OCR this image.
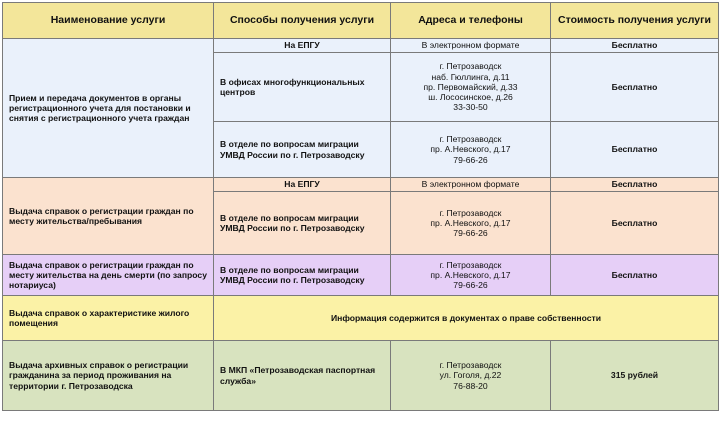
Наименование услуги	Способы получения услуги	Адреса и телефоны	Стоимость получения услуги
Прием и передача документов в органы регистрационного учета для постановки и снятия с регистрационного учета граждан	На ЕПГУ	В электронном формате	Бесплатно
	В офисах многофункциональных центров	г. Петрозаводск
наб. Гюллинга, д.11
пр. Первомайский, д.33
ш. Лососинское, д.26
33-30-50	Бесплатно
	В отделе по вопросам миграции УМВД России по г. Петрозаводску	г. Петрозаводск
пр. А.Невского, д.17
79-66-26	Бесплатно
Выдача справок о регистрации граждан по месту жительства/пребывания	На ЕПГУ	В электронном формате	Бесплатно
	В отделе по вопросам миграции УМВД России по г. Петрозаводску	г. Петрозаводск
пр. А.Невского, д.17
79-66-26	Бесплатно
Выдача справок о регистрации граждан по месту жительства на день смерти (по запросу нотариуса)	В отделе по вопросам миграции УМВД России по г. Петрозаводску	г. Петрозаводск
пр. А.Невского, д.17
79-66-26	Бесплатно
Выдача справок о характеристике жилого помещения	Информация содержится в документах о праве собственности		
Выдача архивных справок о регистрации гражданина за период проживания на территории г. Петрозаводска	В МКП «Петрозаводская паспортная служба»	г. Петрозаводск
ул. Гоголя, д.22
76-88-20	315 рублей
